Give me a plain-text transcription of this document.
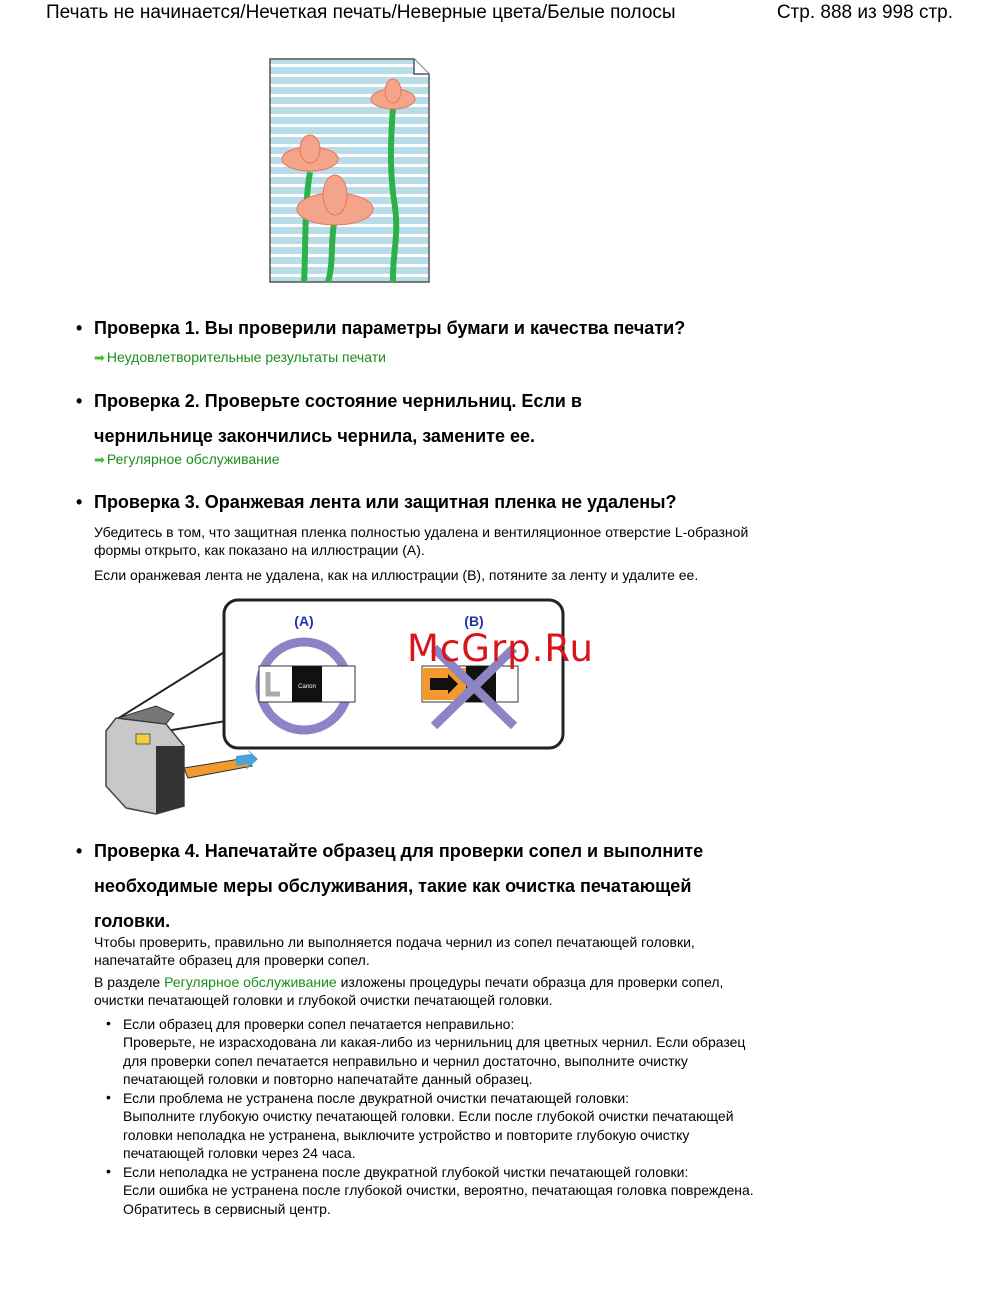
Печать не начинается/Нечеткая печать/Неверные цвета/Белые полосы	Стр. 888 из 998 стр.
• Проверка 1. Вы проверили параметры бумаги и качества печати?
➡ Неудовлетворительные результаты печати
• Проверка 2. Проверьте состояние чернильниц. Если в
чернильнице закончились чернила, замените ее.
➡ Регулярное обслуживание
• Проверка 3. Оранжевая лента или защитная пленка не удалены?
Убедитесь в том, что защитная пленка полностью удалена и вентиляционное отверстие L-образной формы открыто, как показано на иллюстрации (A).
Если оранжевая лента не удалена, как на иллюстрации (B), потяните за ленту и удалите ее.
(A)
Canon
(B)
McGrp.Ru
• Проверка 4. Напечатайте образец для проверки сопел и выполните
необходимые меры обслуживания, такие как очистка печатающей
головки.
Чтобы проверить, правильно ли выполняется подача чернил из сопел печатающей головки, напечатайте образец для проверки сопел.
В разделе Регулярное обслуживание изложены процедуры печати образца для проверки сопел, очистки печатающей головки и глубокой очистки печатающей головки.
• Если образец для проверки сопел печатается неправильно:
Проверьте, не израсходована ли какая-либо из чернильниц для цветных чернил. Если образец для проверки сопел печатается неправильно и чернил достаточно, выполните очистку печатающей головки и повторно напечатайте данный образец.
• Если проблема не устранена после двукратной очистки печатающей головки:
Выполните глубокую очистку печатающей головки. Если после глубокой очистки печатающей головки неполадка не устранена, выключите устройство и повторите глубокую очистку печатающей головки через 24 часа.
• Если неполадка не устранена после двукратной глубокой чистки печатающей головки:
Если ошибка не устранена после глубокой очистки, вероятно, печатающая головка повреждена. Обратитесь в сервисный центр.
